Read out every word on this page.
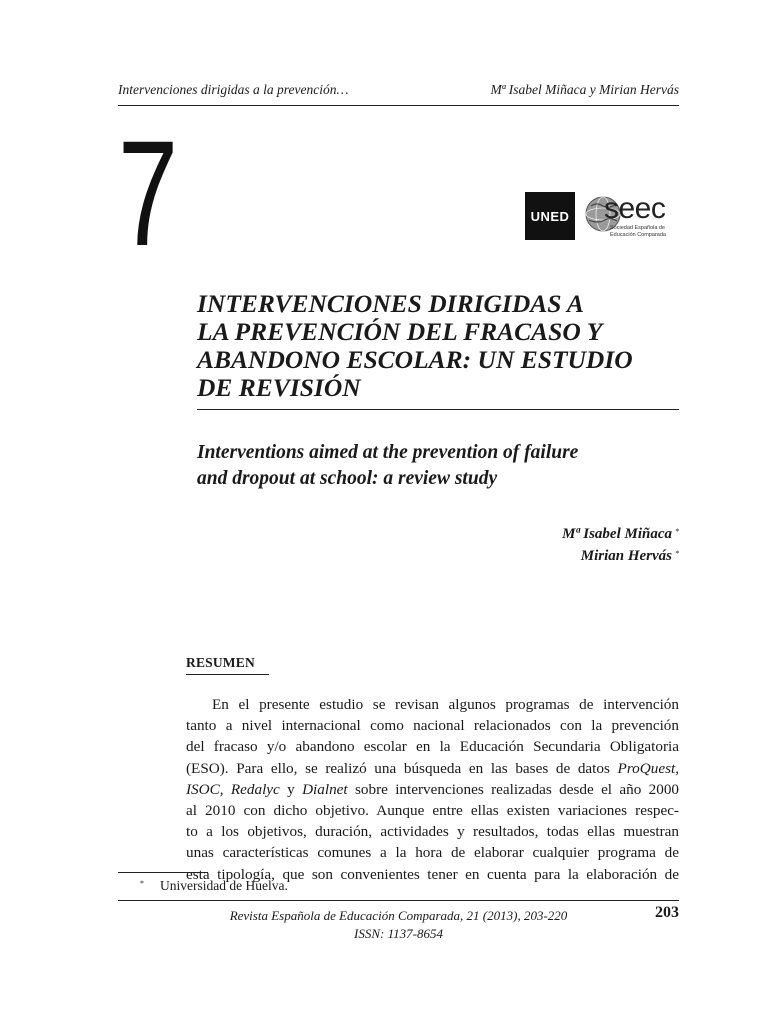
Intervenciones dirigidas a la prevención…	Mª Isabel Miñaca y Mirian Hervás
7	UNED seec
Sociedad Española de
Educación Comparada
INTERVENCIONES DIRIGIDAS A
LA PREVENCIÓN DEL FRACASO Y
ABANDONO ESCOLAR: UN ESTUDIO
DE REVISIÓN
Interventions aimed at the prevention of failure
and dropout at school: a review study
Mª Isabel Miñaca *
Mirian Hervás *
RESUMEN
En el presente estudio se revisan algunos programas de intervención
tanto a nivel internacional como nacional relacionados con la prevención
del fracaso y/o abandono escolar en la Educación Secundaria Obligatoria
(ESO). Para ello, se realizó una búsqueda en las bases de datos ProQuest,
ISOC, Redalyc y Dialnet sobre intervenciones realizadas desde el año 2000
al 2010 con dicho objetivo. Aunque entre ellas existen variaciones respec-
to a los objetivos, duración, actividades y resultados, todas ellas muestran
unas características comunes a la hora de elaborar cualquier programa de
esta tipología, que son convenientes tener en cuenta para la elaboración de
* Universidad de Huelva.
Revista Española de Educación Comparada, 21 (2013), 203-220
ISSN: 1137-8654
203
